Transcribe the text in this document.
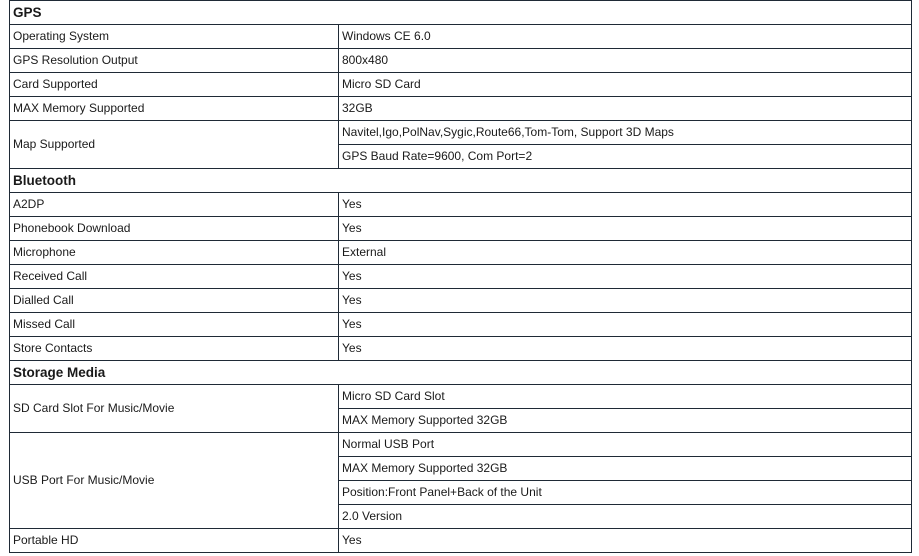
GPS	
Operating System	Windows CE 6.0
GPS Resolution Output	800x480
Card Supported	Micro SD Card
MAX Memory Supported	32GB
Map Supported	Navitel,Igo,PolNav,Sygic,Route66,Tom-Tom, Support 3D Maps
	GPS Baud Rate=9600, Com Port=2
Bluetooth	
A2DP	Yes
Phonebook Download	Yes
Microphone	External
Received Call	Yes
Dialled Call	Yes
Missed Call	Yes
Store Contacts	Yes
Storage Media	
SD Card Slot For Music/Movie	Micro SD Card Slot
	MAX Memory Supported 32GB
USB Port For Music/Movie	Normal USB Port
	MAX Memory Supported 32GB
	Position:Front Panel+Back of the Unit
	2.0 Version
Portable HD	Yes
